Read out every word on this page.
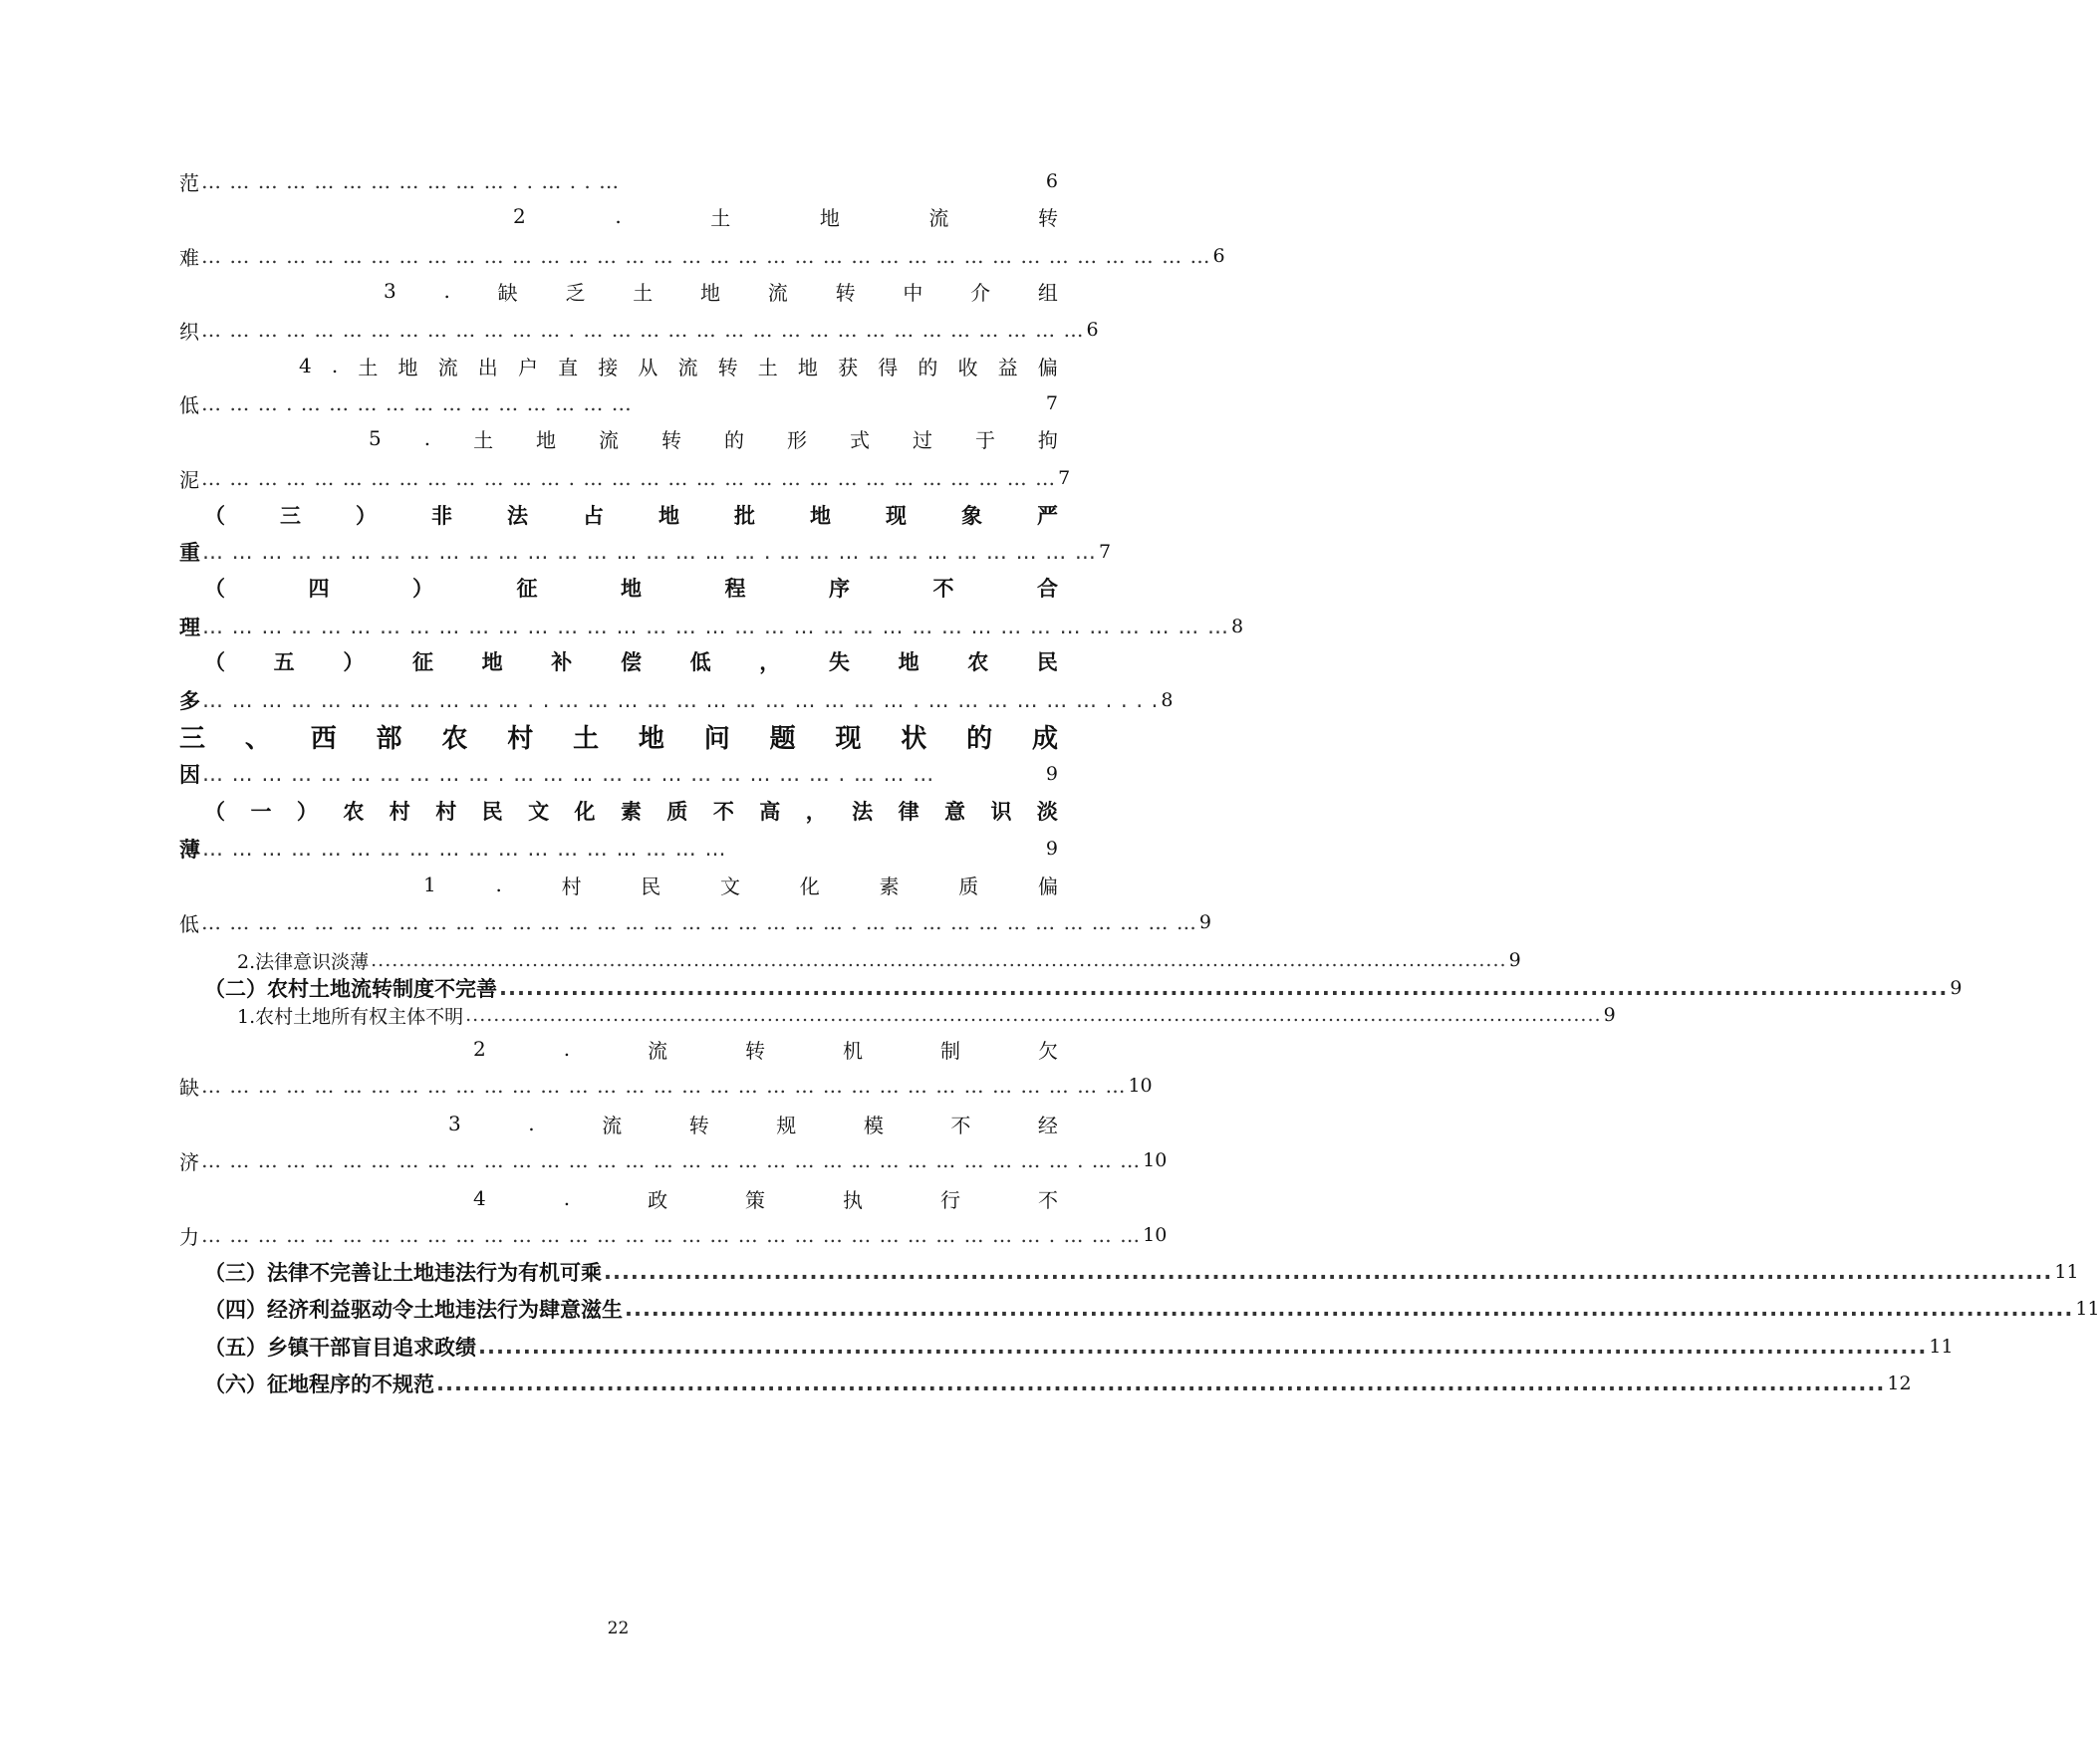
范 … … … … … … … … … … … . . … . . …	6
2	.	土	地	流	转
难 … … … … … … … … … … … … … … … … … … … … … … … … … … … … … … … … … … … … 6
3 . 缺 乏 土 地 流 转 中 介 组
织 … … … … … … … … … … … … … . … … … … … … … … … … … … … … … … … … 6
4 . 土 地 流 出 户 直 接 从 流 转 土 地 获 得 的 收 益 偏
低 … … … . … … … … … … … … … … … …	7
5 . 土 地 流 转 的 形 式 过 于 拘
泥 … … … … … … … … … … … … … . … … … … … … … … … … … … … … … … … 7
（	三	）	非	法	占	地	批	地	现	象	严
重 … … … … … … … … … … … … … … … … … … … . … … … … … … … … … … … 7
（	四	）	征	地	程	序	不	合
理 … … … … … … … … … … … … … … … … … … … … … … … … … … … … … … … … … … … 8
（ 五 ） 征 地 补 偿 低 ， 失 地 农 民
多 … … … … … … … … … … … . . … … … … … … … … … … … … . … … … … … … . . . . 8
三 、 西 部 农 村 土 地 问 题 现 状 的 成
因 … … … … … … … … … … . … … … … … … … … … … … . … … …	9
（ 一 ） 农 村 村 民 文 化 素 质 不 高 ， 法 律 意 识 淡
薄 … … … … … … … … … … … … … … … … … …	9
1	.	村	民	文	化	素	质	偏
低 … … … … … … … … … … … … … … … … … … … … … … … . … … … … … … … … … … … … 9
2.法律意识淡薄 .................................................................................................................................................................. 9
（二）农村土地流转制度不完善 .................................................................................................................................................................. 9
1.农村土地所有权主体不明 .................................................................................................................................................................. 9
2	.	流	转	机	制	欠
缺 … … … … … … … … … … … … … … … … … … … … … … … … … … … … … … … … … 10
3	.	流	转	规	模	不	经
济 … … … … … … … … … … … … … … … … … … … … … … … … … … … … … … … . … … 10
4	.	政	策	执	行	不
力 … … … … … … … … … … … … … … … … … … … … … … … … … … … … … … . … … … 10
（三）法律不完善让土地违法行为有机可乘 .................................................................................................................................................................. 11
（四）经济利益驱动令土地违法行为肆意滋生 .................................................................................................................................................................. 11
（五）乡镇干部盲目追求政绩 .................................................................................................................................................................. 11
（六）征地程序的不规范 .................................................................................................................................................................. 12
22
